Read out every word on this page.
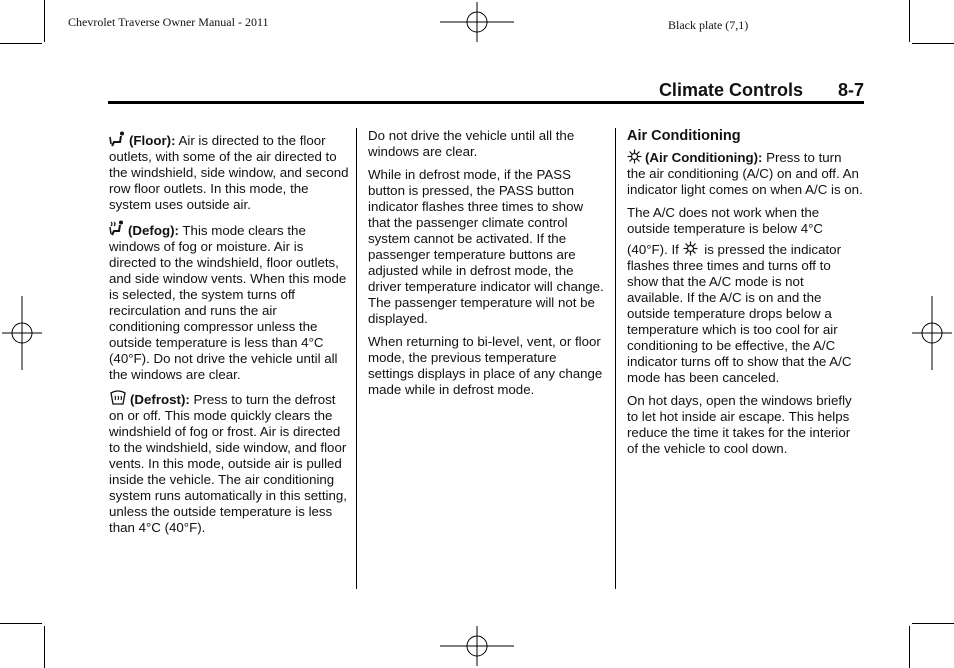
Chevrolet Traverse Owner Manual - 2011	Black plate (7,1)
Climate Controls 8-7

(Floor): Air is directed to the floor outlets, with some of the air directed to the windshield, side window, and second row floor outlets. In this mode, the system uses outside air.

(Defog): This mode clears the windows of fog or moisture. Air is directed to the windshield, floor outlets, and side window vents. When this mode is selected, the system turns off recirculation and runs the air conditioning compressor unless the outside temperature is less than 4°C (40°F). Do not drive the vehicle until all the windows are clear.

(Defrost): Press to turn the defrost on or off. This mode quickly clears the windshield of fog or frost. Air is directed to the windshield, side window, and floor vents. In this mode, outside air is pulled inside the vehicle. The air conditioning system runs automatically in this setting, unless the outside temperature is less than 4°C (40°F).

Do not drive the vehicle until all the windows are clear.

While in defrost mode, if the PASS button is pressed, the PASS button indicator flashes three times to show that the passenger climate control system cannot be activated. If the passenger temperature buttons are adjusted while in defrost mode, the driver temperature indicator will change. The passenger temperature will not be displayed.

When returning to bi-level, vent, or floor mode, the previous temperature settings displays in place of any change made while in defrost mode.

Air Conditioning

(Air Conditioning): Press to turn the air conditioning (A/C) on and off. An indicator light comes on when A/C is on.

The A/C does not work when the outside temperature is below 4°C

(40°F). If  is pressed the indicator flashes three times and turns off to show that the A/C mode is not available. If the A/C is on and the outside temperature drops below a temperature which is too cool for air conditioning to be effective, the A/C indicator turns off to show that the A/C mode has been canceled.

On hot days, open the windows briefly to let hot inside air escape. This helps reduce the time it takes for the interior of the vehicle to cool down.
